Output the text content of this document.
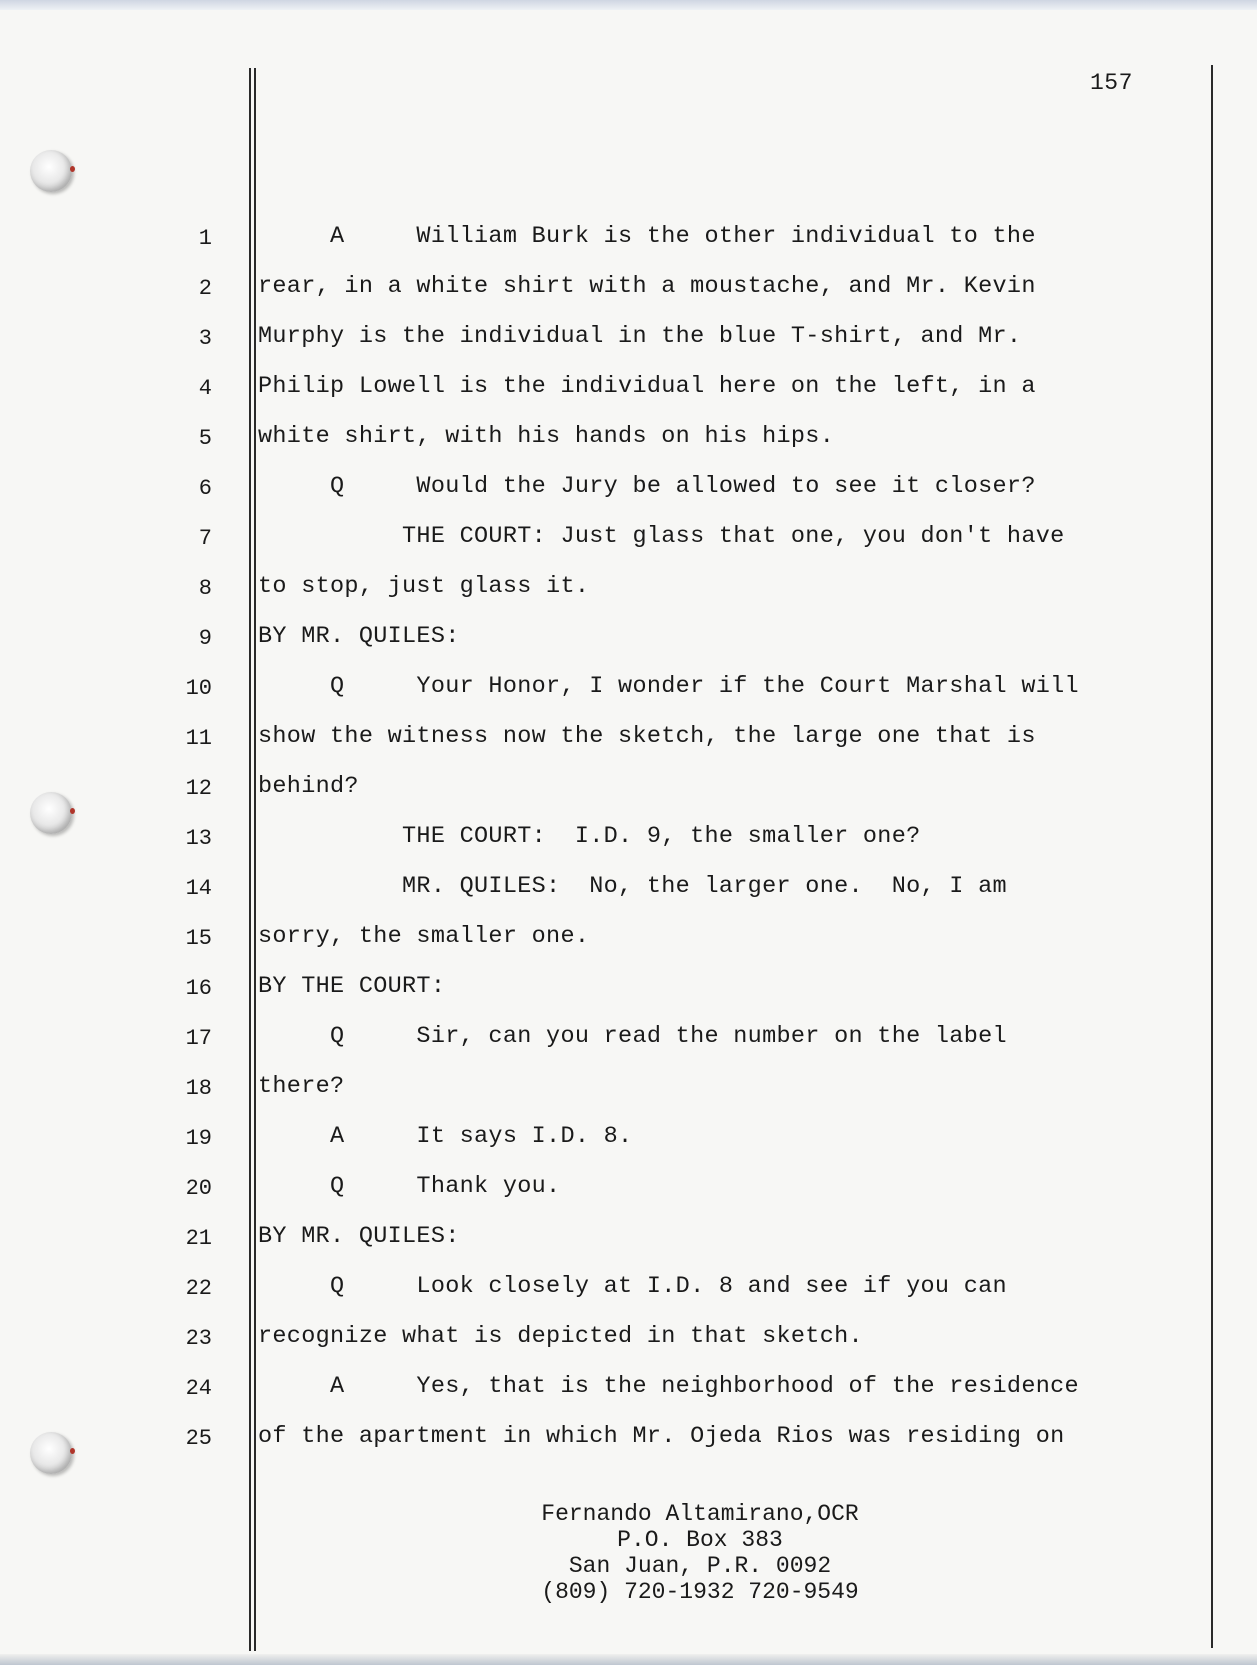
157
1 A     William Burk is the other individual to the
2 rear, in a white shirt with a moustache, and Mr. Kevin
3 Murphy is the individual in the blue T-shirt, and Mr.
4 Philip Lowell is the individual here on the left, in a
5 white shirt, with his hands on his hips.
6 Q     Would the Jury be allowed to see it closer?
7 THE COURT: Just glass that one, you don't have
8 to stop, just glass it.
9 BY MR. QUILES:
10 Q     Your Honor, I wonder if the Court Marshal will
11 show the witness now the sketch, the large one that is
12 behind?
13 THE COURT:  I.D. 9, the smaller one?
14 MR. QUILES:  No, the larger one.  No, I am
15 sorry, the smaller one.
16 BY THE COURT:
17 Q     Sir, can you read the number on the label
18 there?
19 A     It says I.D. 8.
20 Q     Thank you.
21 BY MR. QUILES:
22 Q     Look closely at I.D. 8 and see if you can
23 recognize what is depicted in that sketch.
24 A     Yes, that is the neighborhood of the residence
25 of the apartment in which Mr. Ojeda Rios was residing on
Fernando Altamirano,OCR
P.O. Box 383
San Juan, P.R. 0092
(809) 720-1932 720-9549
